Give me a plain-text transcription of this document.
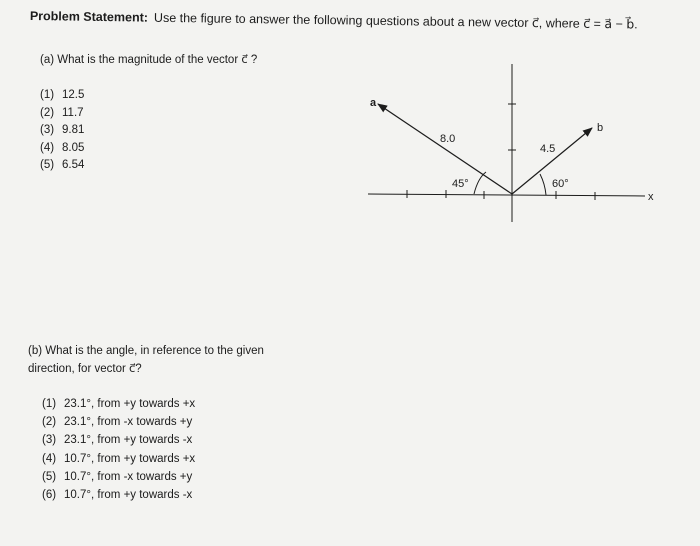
Problem Statement: Use the figure to answer the following questions about a new vector c⃗, where c⃗ = a⃗ − b⃗.
(a) What is the magnitude of the vector c⃗ ?
(1) 12.5
(2) 11.7
(3) 9.81
(4) 8.05
(5) 6.54
(b) What is the angle, in reference to the given
direction, for vector c⃗?
(1) 23.1°, from +y towards +x
(2) 23.1°, from -x towards +y
(3) 23.1°, from +y towards -x
(4) 10.7°, from +y towards +x
(5) 10.7°, from -x towards +y
(6) 10.7°, from +y towards -x
a
b
8.0
4.5
45°	60°
x
